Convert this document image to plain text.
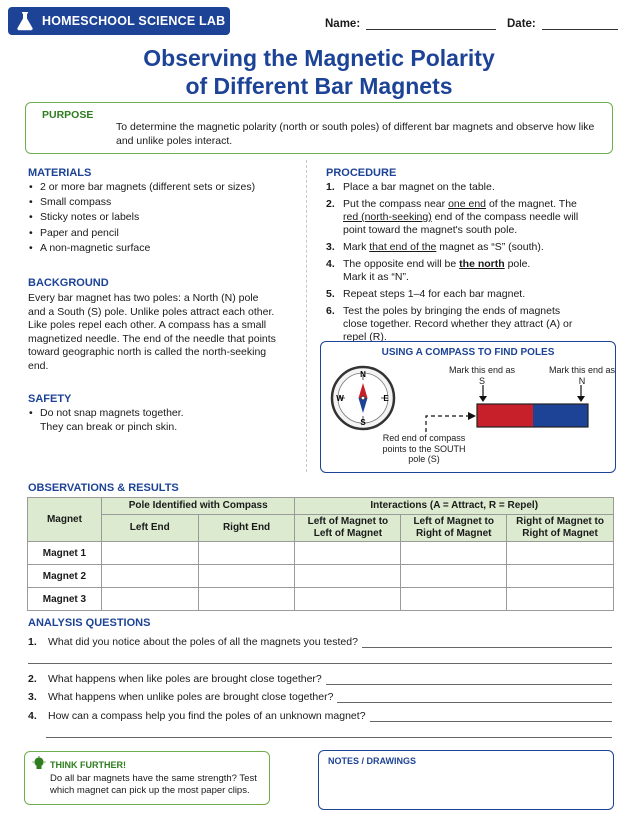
HOMESCHOOL SCIENCE LAB	Name:	Date:
Observing the Magnetic Polarity
of Different Bar Magnets
PURPOSE
To determine the magnetic polarity (north or south poles) of different bar magnets and observe how like and unlike poles interact.
MATERIALS
• 2 or more bar magnets (different sets or sizes)
• Small compass
• Sticky notes or labels
• Paper and pencil
• A non-magnetic surface
BACKGROUND
Every bar magnet has two poles: a North (N) pole and a South (S) pole. Unlike poles attract each other. Like poles repel each other. A compass has a small magnetized needle. The end of the needle that points toward geographic north is called the north-seeking end.
SAFETY
• Do not snap magnets together. They can break or pinch skin.
PROCEDURE
1. Place a bar magnet on the table.
2. Put the compass near one end of the magnet. The red (north-seeking) end of the compass needle will point toward the magnet's south pole.
3. Mark that end of the magnet as “S” (south).
4. The opposite end will be the north pole. Mark it as “N”.
5. Repeat steps 1–4 for each bar magnet.
6. Test the poles by bringing the ends of magnets close together. Record whether they attract (A) or repel (R).
USING A COMPASS TO FIND POLES
N
S
W	E
Mark this end as S
Mark this end as N
Red end of compass points to the SOUTH pole (S)
OBSERVATIONS & RESULTS
Magnet	Pole Identified with Compass		Interactions (A = Attract, R = Repel)		
	Left End	Right End	Left of Magnet to Left of Magnet	Left of Magnet to Right of Magnet	Right of Magnet to Right of Magnet
Magnet 1					
Magnet 2					
Magnet 3					
ANALYSIS QUESTIONS
1.	What did you notice about the poles of all the magnets you tested?
2.	What happens when like poles are brought close together?
3.	What happens when unlike poles are brought close together?
4.	How can a compass help you find the poles of an unknown magnet?
THINK FURTHER!
Do all bar magnets have the same strength? Test which magnet can pick up the most paper clips.
NOTES / DRAWINGS
